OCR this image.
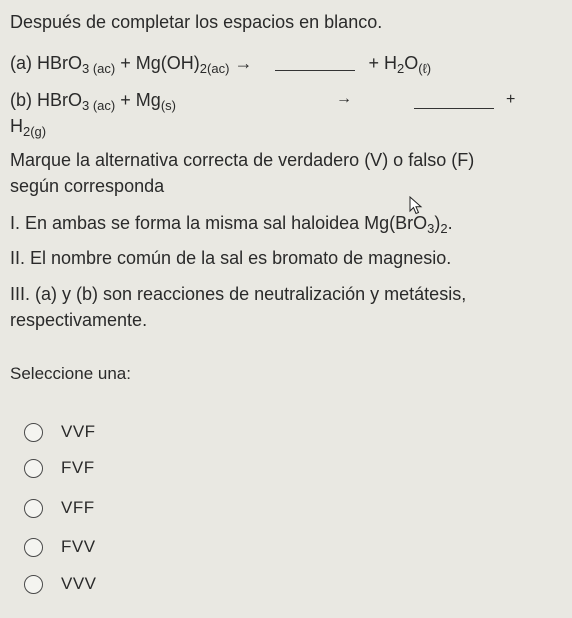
Después de completar los espacios en blanco.
(a) HBrO$_{3 (ac)}$ + $Mg(OH)_{2(ac)}$ →	+ $H_2O_{(\ell)}$
(b) HBrO$_{3 (ac)}$ + $Mg_{(s)}$	→	+
$H_{2(g)}$
Marque la alternativa correcta de verdadero (V) o falso (F)
según corresponda
I. En ambas se forma la misma sal haloidea $Mg(BrO_3)_2$.
II. El nombre común de la sal es bromato de magnesio.
III. (a) y (b) son reacciones de neutralización y metátesis,
respectivamente.
Seleccione una:
VVF
FVF
VFF
FVV
VVV
